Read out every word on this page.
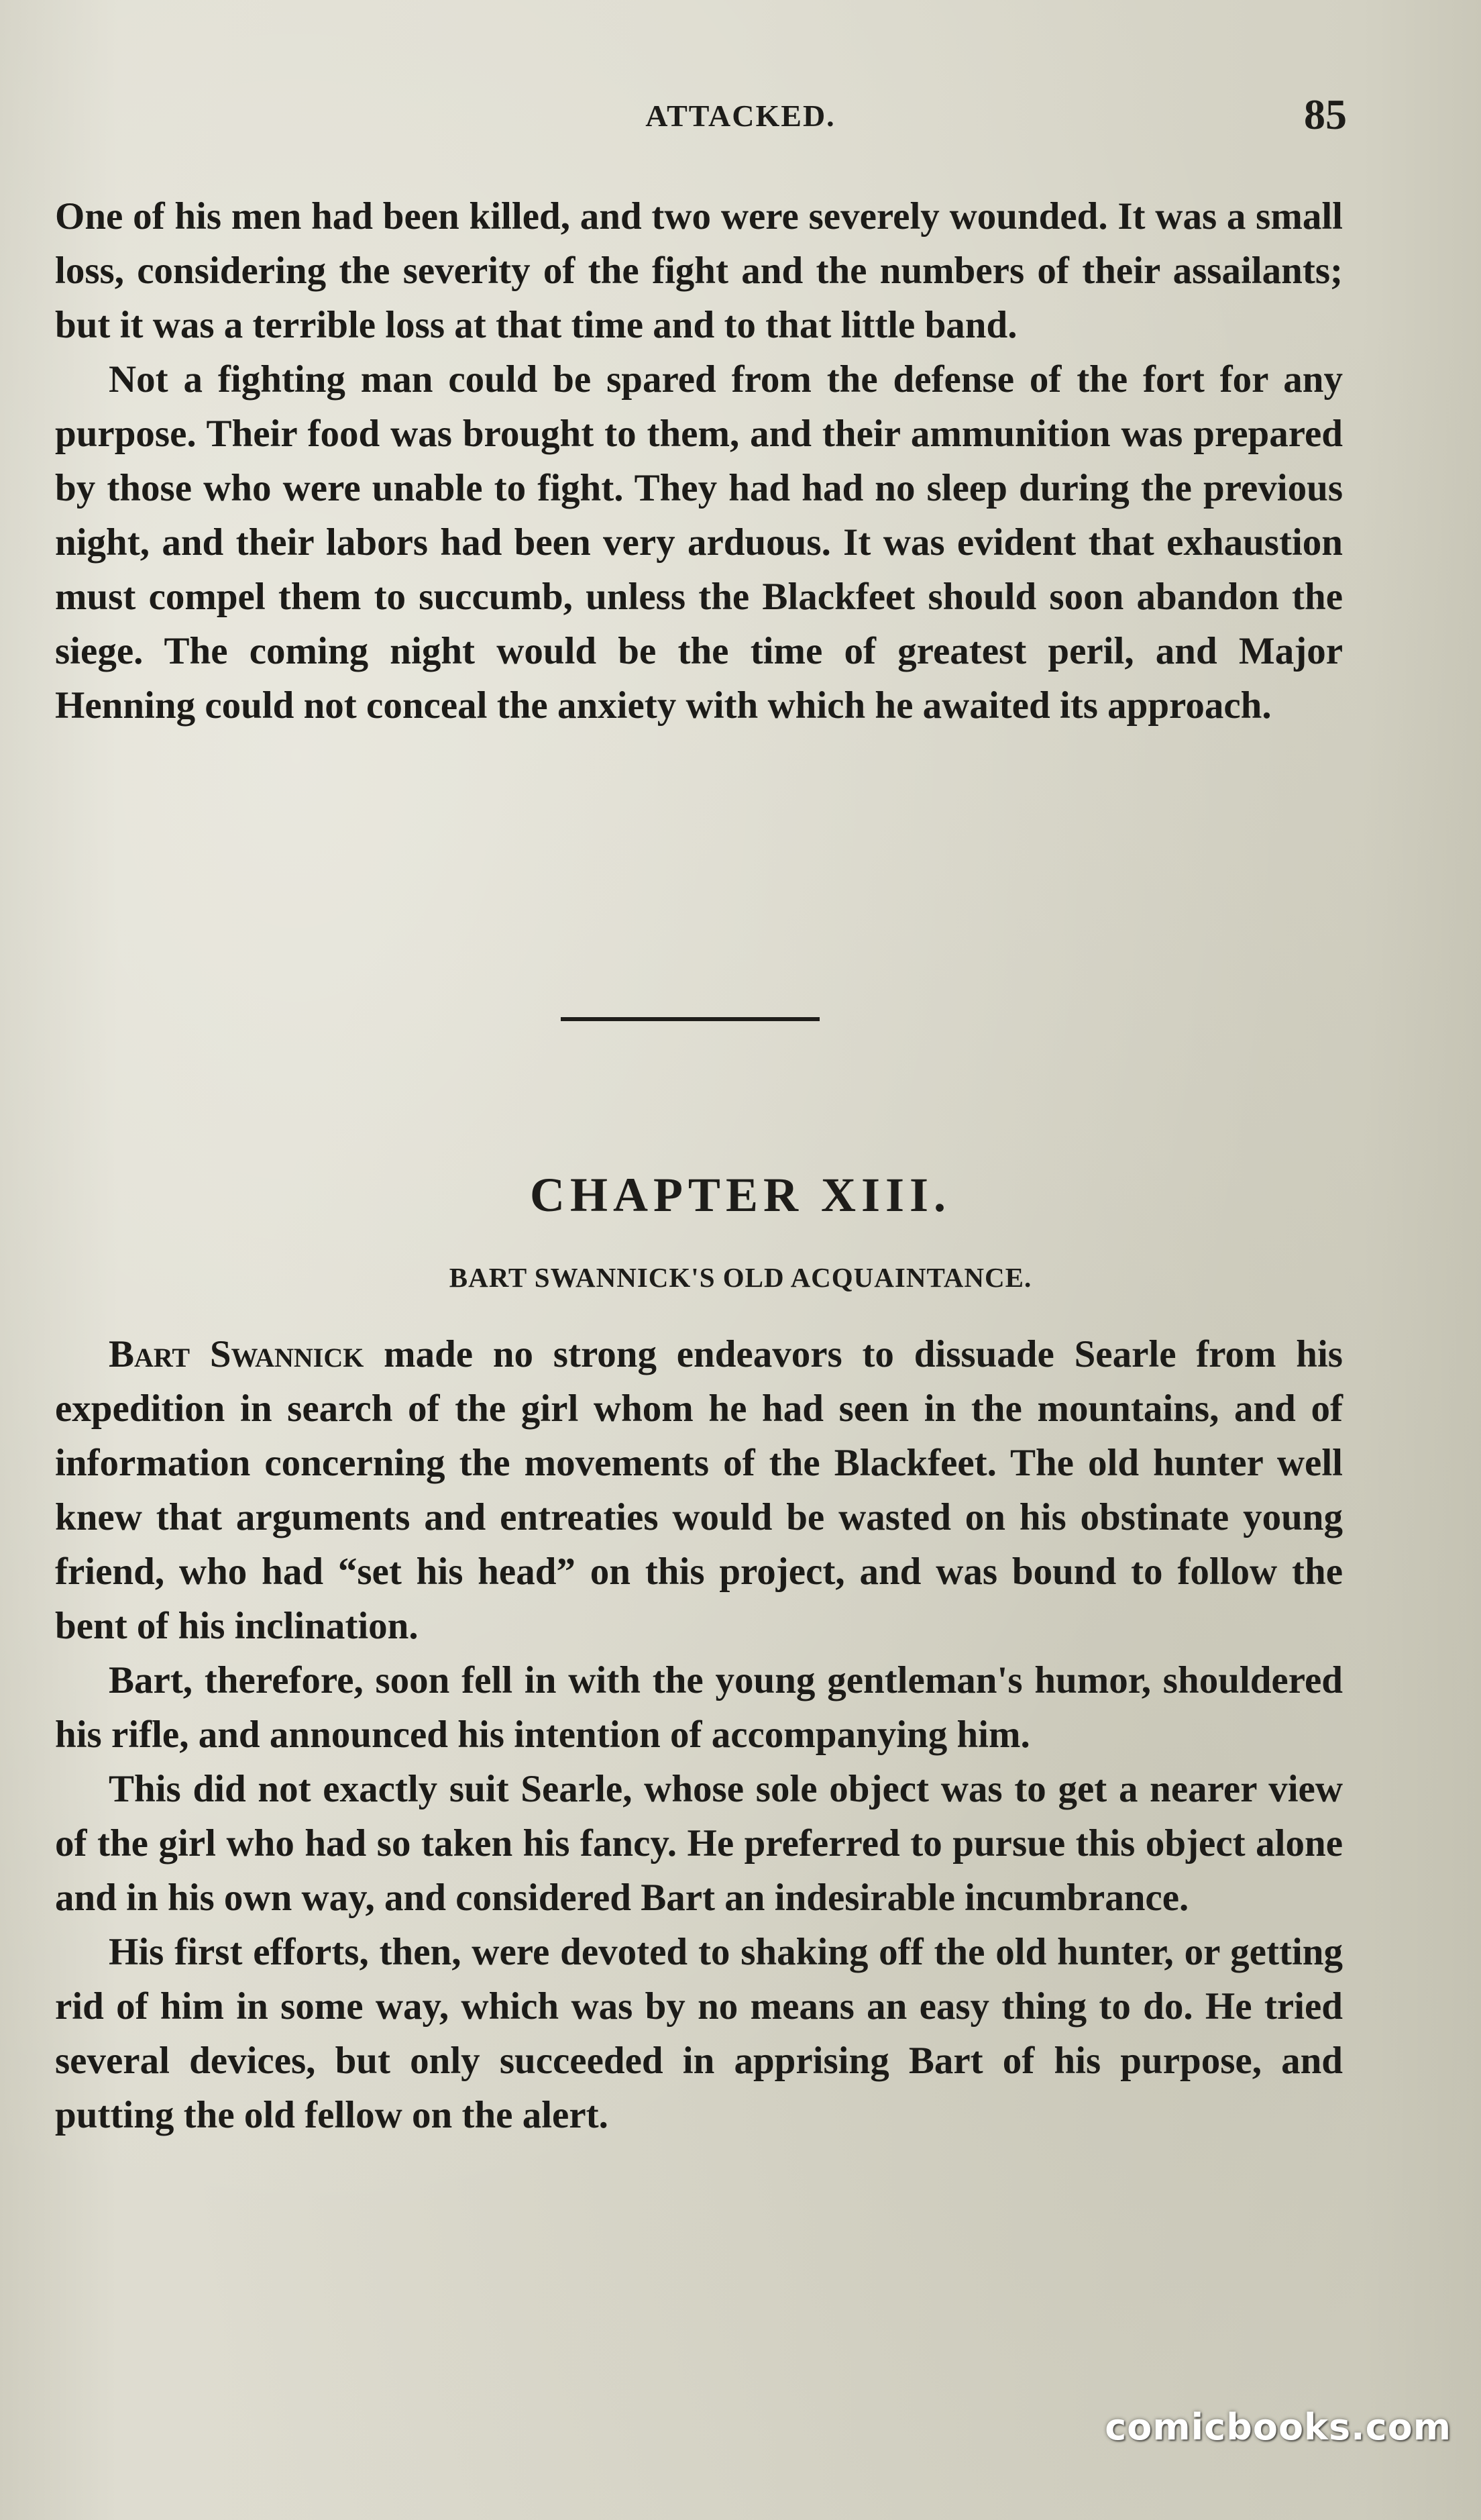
ATTACKED.	85

One of his men had been killed, and two were severely wounded. It was a small loss, considering the severity of the fight and the numbers of their assailants; but it was a terrible loss at that time and to that little band.

Not a fighting man could be spared from the defense of the fort for any purpose. Their food was brought to them, and their ammunition was prepared by those who were unable to fight. They had had no sleep during the previous night, and their labors had been very arduous. It was evident that exhaustion must compel them to succumb, unless the Blackfeet should soon abandon the siege. The coming night would be the time of greatest peril, and Major Henning could not conceal the anxiety with which he awaited its approach.

CHAPTER XIII.
BART SWANNICK'S OLD ACQUAINTANCE.

Bart Swannick made no strong endeavors to dissuade Searle from his expedition in search of the girl whom he had seen in the mountains, and of information concerning the movements of the Blackfeet. The old hunter well knew that arguments and entreaties would be wasted on his obstinate young friend, who had “set his head” on this project, and was bound to follow the bent of his inclination.

Bart, therefore, soon fell in with the young gentleman's humor, shouldered his rifle, and announced his intention of accompanying him.

This did not exactly suit Searle, whose sole object was to get a nearer view of the girl who had so taken his fancy. He preferred to pursue this object alone and in his own way, and considered Bart an indesirable incumbrance.

His first efforts, then, were devoted to shaking off the old hunter, or getting rid of him in some way, which was by no means an easy thing to do. He tried several devices, but only succeeded in apprising Bart of his purpose, and putting the old fellow on the alert.

comicbooks.com
